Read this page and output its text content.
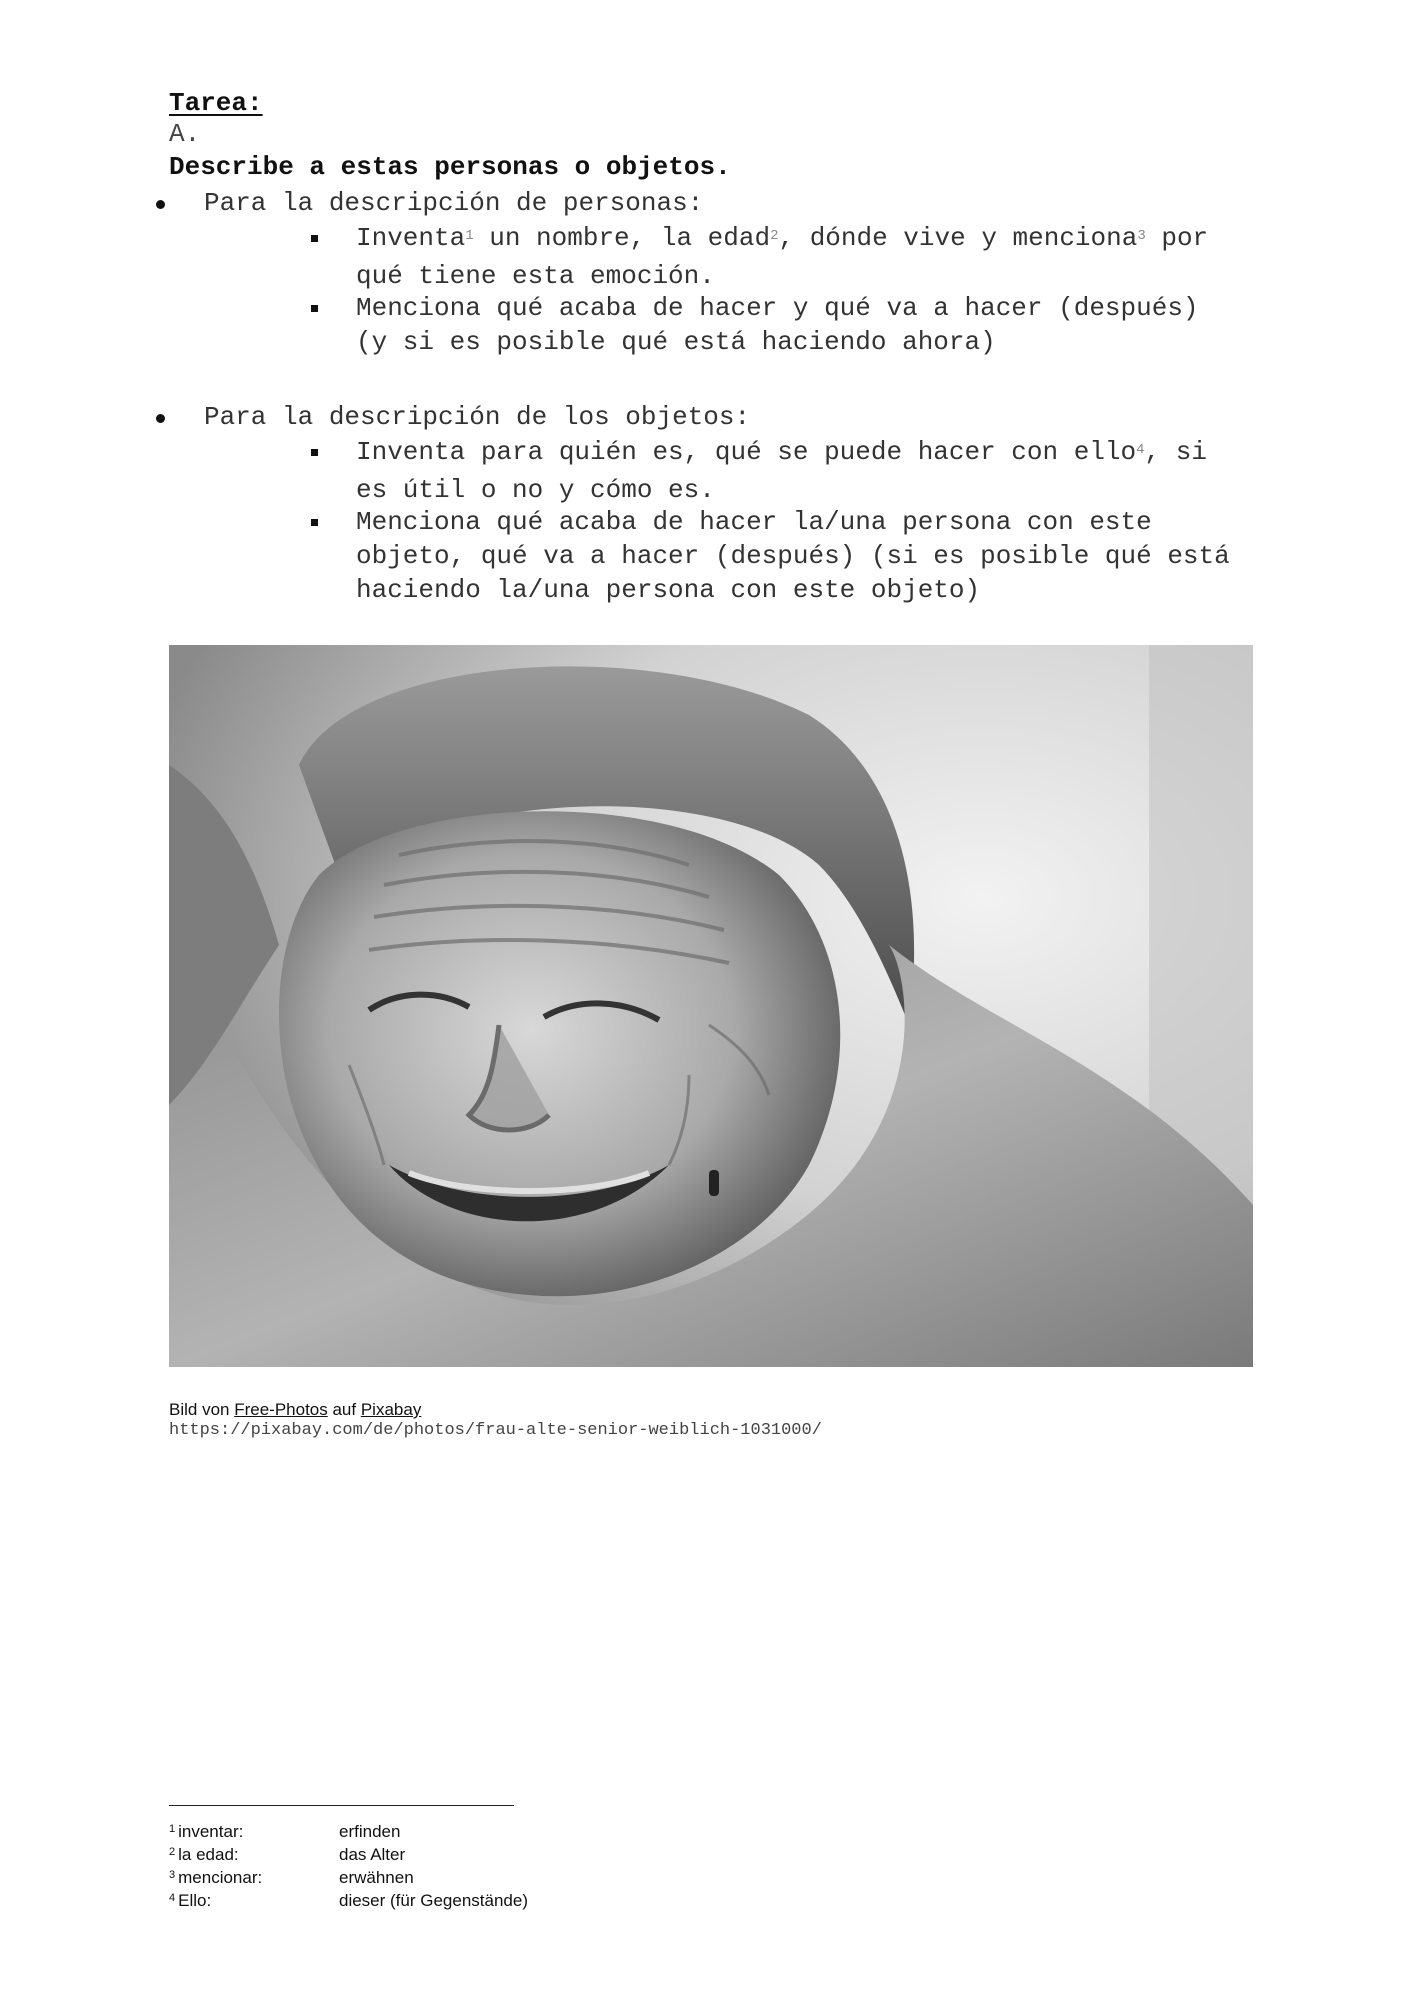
Tarea:
A.
Describe a estas personas o objetos.
Para la descripción de personas:
Inventa$^1$ un nombre, la edad$^2$, dónde vive y menciona$^3$ por qué tiene esta emoción.
Menciona qué acaba de hacer y qué va a hacer (después) (y si es posible qué está haciendo ahora)
Para la descripción de los objetos:
Inventa para quién es, qué se puede hacer con ello$^4$, si es útil o no y cómo es.
Menciona qué acaba de hacer la/una persona con este objeto, qué va a hacer (después) (si es posible qué está haciendo la/una persona con este objeto)
Bild von Free-Photos auf Pixabay
https://pixabay.com/de/photos/frau-alte-senior-weiblich-1031000/
$^1$ inventar:	erfinden
$^2$ la edad:	das Alter
$^3$ mencionar:	erwähnen
$^4$ Ello:	dieser (für Gegenstände)
